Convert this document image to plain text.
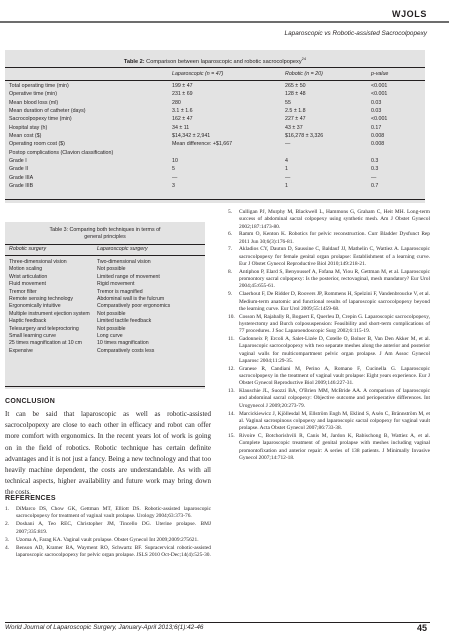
WJOLS
Laparoscopic vs Robotic-assisted Sacrocolpopexy
Table 2: Comparison between laparoscopic and robotic sacrocolpopexy$^{24}$
Laparoscopic (n = 47)	Robotic (n = 20)	p-value
Total operating time (min)	199 ± 47	265 ± 50	<0.001
Operative time (min)	231 ± 69	128 ± 48	<0.001
Mean blood loss (ml)	280	55	0.03
Mean duration of catheter (days)	3.1 ± 1.6	2.5 ± 1.8	0.03
Sacrocolpopexy time (min)	162 ± 47	227 ± 47	<0.001
Hospital stay (h)	34 ± 11	43 ± 37	0.17
Mean cost ($)	$14,342 ± 2,941	$16,278 ± 3,326	0.008
Operating room cost ($)	Mean difference: +$1,667	—	0.008
Postop complications (Clavion classification)
Grade I	10	4	0.3
Grade II	5	1	0.3
Grade IIIA	—	—	—
Grade IIIB	3	1	0.7
Table 3: Comparing both techniques in terms of
general principles
Robotic surgery	Laparoscopic surgery
Three-dimensional vision	Two-dimensional vision
Motion scaling	Not possible
Wrist articulation	Limited range of movement
Fluid movement	Rigid movement
Tremor filter	Tremor is magnified
Remote sensing technology	Abdominal wall is the fulcrum
Ergonomically intuitive	Comparatively poor ergonomics
Multiple instrument ejection system	Not possible
Haptic feedback	Limited tactile feedback
Telesurgery and teleproctoring	Not possible
Small learning curve	Long curve
25 times magnification at 10 cm	10 times magnification
Expensive	Comparatively costs less
CONCLUSION
It can be said that laparoscopic as well as robotic-assisted sacrocolpopexy are close to each other in efficacy and robot can offer more comfort with ergonomics. In the recent years lot of work is going on in the field of robotics. Robotic technique has certain definite advantages and it is not just a fancy. Being a new technology and that too heavily machine dependent, the costs are understandable. As with all technical aspects, higher availability and future work may bring down the costs.
REFERENCES
1.	DiMarco DS, Chow GK, Gettman MT, Elliott DS. Robotic-assisted laparoscopic sacrocolpopexy for treatment of vaginal vault prolapse. Urology 2004;63:373-76.
2.	Doshani A, Teo REC, Christopher JM, Tincello DG. Uterine prolapse. BMJ 2007;335:819.
3.	Uzoma A, Farag KA. Vaginal vault prolapse. Obstet Gynecol Int 2009;2009:275621.
4.	Benson AD, Kramer BA, Wayment RO, Schwartz BF. Supracervical robotic-assisted laparoscopic sacrocolpopexy for pelvic organ prolapse. JSLS 2010 Oct-Dec;14(4):525-30.
5.	Culligan PJ, Murphy M, Blackwell L, Hammons G, Graham C, Heit MH. Long-term success of abdominal sacral colpopexy using synthetic mesh. Am J Obstet Gynecol 2002;187:1473-80.
6.	Ramm O, Kenton K. Robotics for pelvic reconstruction. Curr Bladder Dysfunct Rep 2011 Jun 30;6(3):176-81.
7.	Akladios CY, Dautun D, Saussine C, Baldauf JJ, Mathelin C, Wattiez A. Laparoscopic sacrocolpopexy for female genital organ prolapse: Establishment of a learning curve. Eur J Obstet Gynecol Reproductive Biol 2010;149:218-21.
8.	Antiphon P, Elard S, Benyoussef A, Fofana M, Yiou R, Gettman M, et al. Laparoscopic promontory sacral colpopexy: Is the posterior, rectovaginal, mesh mandatory? Eur Urol 2004;45:655-61.
9.	Claerhout F, De Ridder D, Roovers JP, Rommens H, Spelzini F, Vandenbroucke V, et al. Medium-term anatomic and functional results of laparoscopic sacrocolpopexy beyond the learning curve. Eur Urol 2009;55:1459-68.
10. Cosson M, Rajabally R, Bogaert E, Querleu D, Crepin G. Laparoscopic sacrocolpopexy, hysterectomy and Burch colposuspension: Feasibility and short-term complications of 77 procedures. J Soc Laparoendoscopic Surg 2002;6:115-19.
11. Gadonneix P, Ercoli A, Salet-Lizée D, Cotelle O, Bolner B, Van Den Akker M, et al. Laparoscopic sacrocolpopexy with two separate meshes along the anterior and posterior vaginal walls for multicompartment pelvic organ prolapse. J Am Assoc Gynecol Laparosc 2004;11:29-35.
12. Granese R, Candiani M, Perino A, Romano F, Cucinella G. Laparoscopic sacrocolpopexy in the treatment of vaginal vault prolapse: Eight years experience. Eur J Obstet Gynecol Reproductive Biol 2009;146:227-31.
13. Klauschie JL, Suozzi BA, O'Brien MM, McBride AA. A comparison of laparoscopic and abdominal sacral colpopexy: Objective outcome and perioperative differences. Int Urogynecol J 2009;20:273-79.
14. Marcickiewicz J, Kjöllesdal M, Ellström Engh M, Eklind S, Axén C, Brännström M, et al. Vaginal sacrospinous colpopexy and laparoscopic sacral colpopexy for vaginal vault prolapse. Acta Obstet Gynecol 2007;86:733-38.
15. Rivoire C, Botchorishvili R, Canis M, Jardon K, Rabischong B, Wattiez A, et al. Complete laparoscopic treatment of genital prolapse with meshes including vaginal promontofixation and anterior repair: A series of 138 patients. J Minimally Invasive Gynecol 2007;14:712-18.
World Journal of Laparoscopic Surgery, January-April 2013;6(1):42-46	45
